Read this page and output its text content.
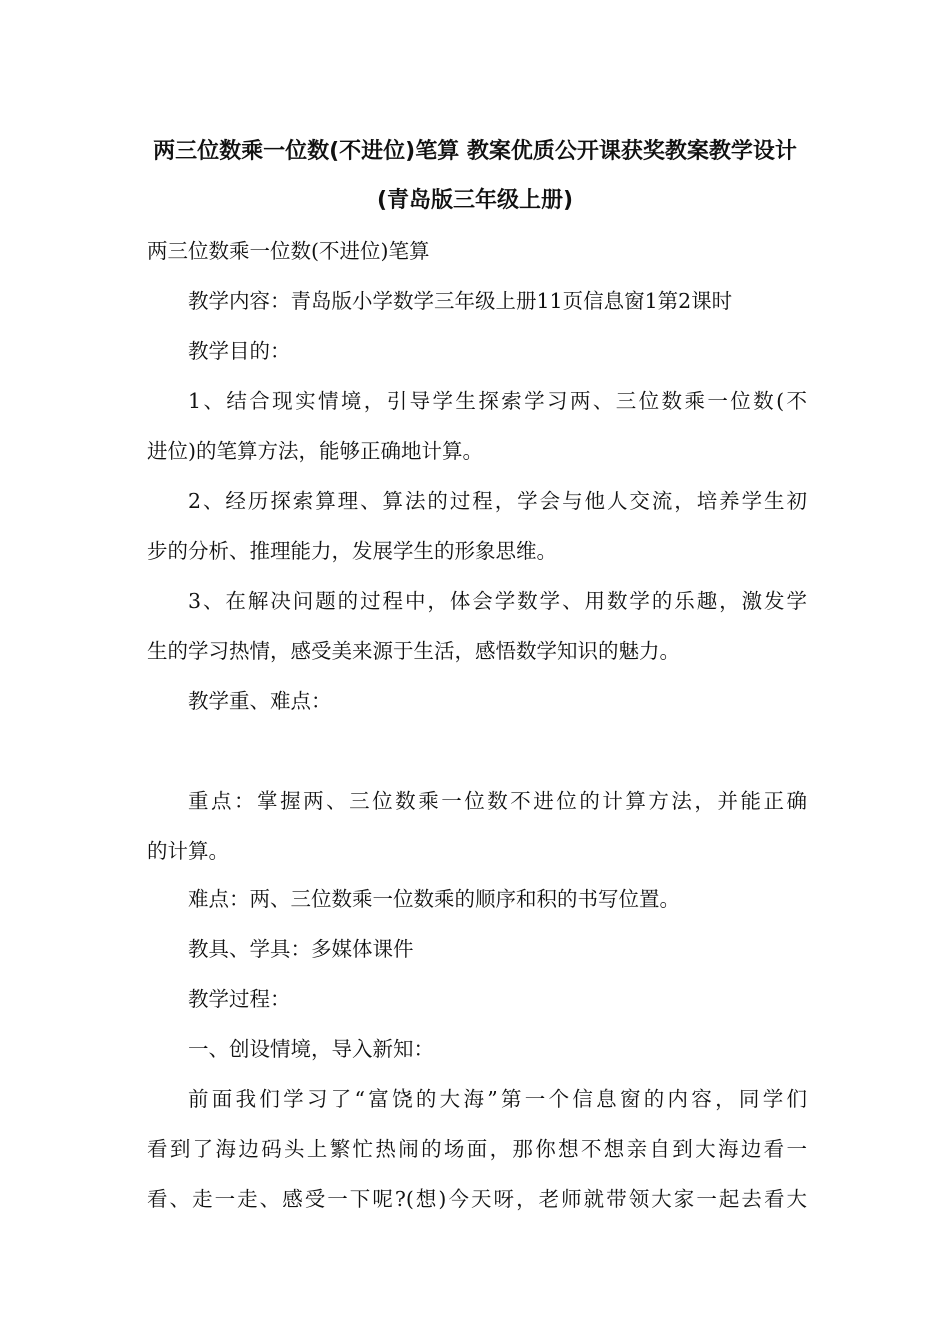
两三位数乘一位数(不进位)笔算 教案优质公开课获奖教案教学设计
(青岛版三年级上册)

两三位数乘一位数(不进位)笔算

教学内容：青岛版小学数学三年级上册11页信息窗1第2课时

教学目的：

1、结合现实情境，引导学生探索学习两、三位数乘一位数(不
进位)的笔算方法，能够正确地计算。
2、经历探索算理、算法的过程，学会与他人交流，培养学生初
步的分析、推理能力，发展学生的形象思维。
3、在解决问题的过程中，体会学数学、用数学的乐趣，激发学
生的学习热情，感受美来源于生活，感悟数学知识的魅力。

教学重、难点：

重点：掌握两、三位数乘一位数不进位的计算方法，并能正确
的计算。

难点：两、三位数乘一位数乘的顺序和积的书写位置。

教具、学具：多媒体课件

教学过程：

一、创设情境，导入新知：

前面我们学习了“富饶的大海”第一个信息窗的内容，同学们
看到了海边码头上繁忙热闹的场面，那你想不想亲自到大海边看一
看、走一走、感受一下呢?(想)今天呀，老师就带领大家一起去看大
